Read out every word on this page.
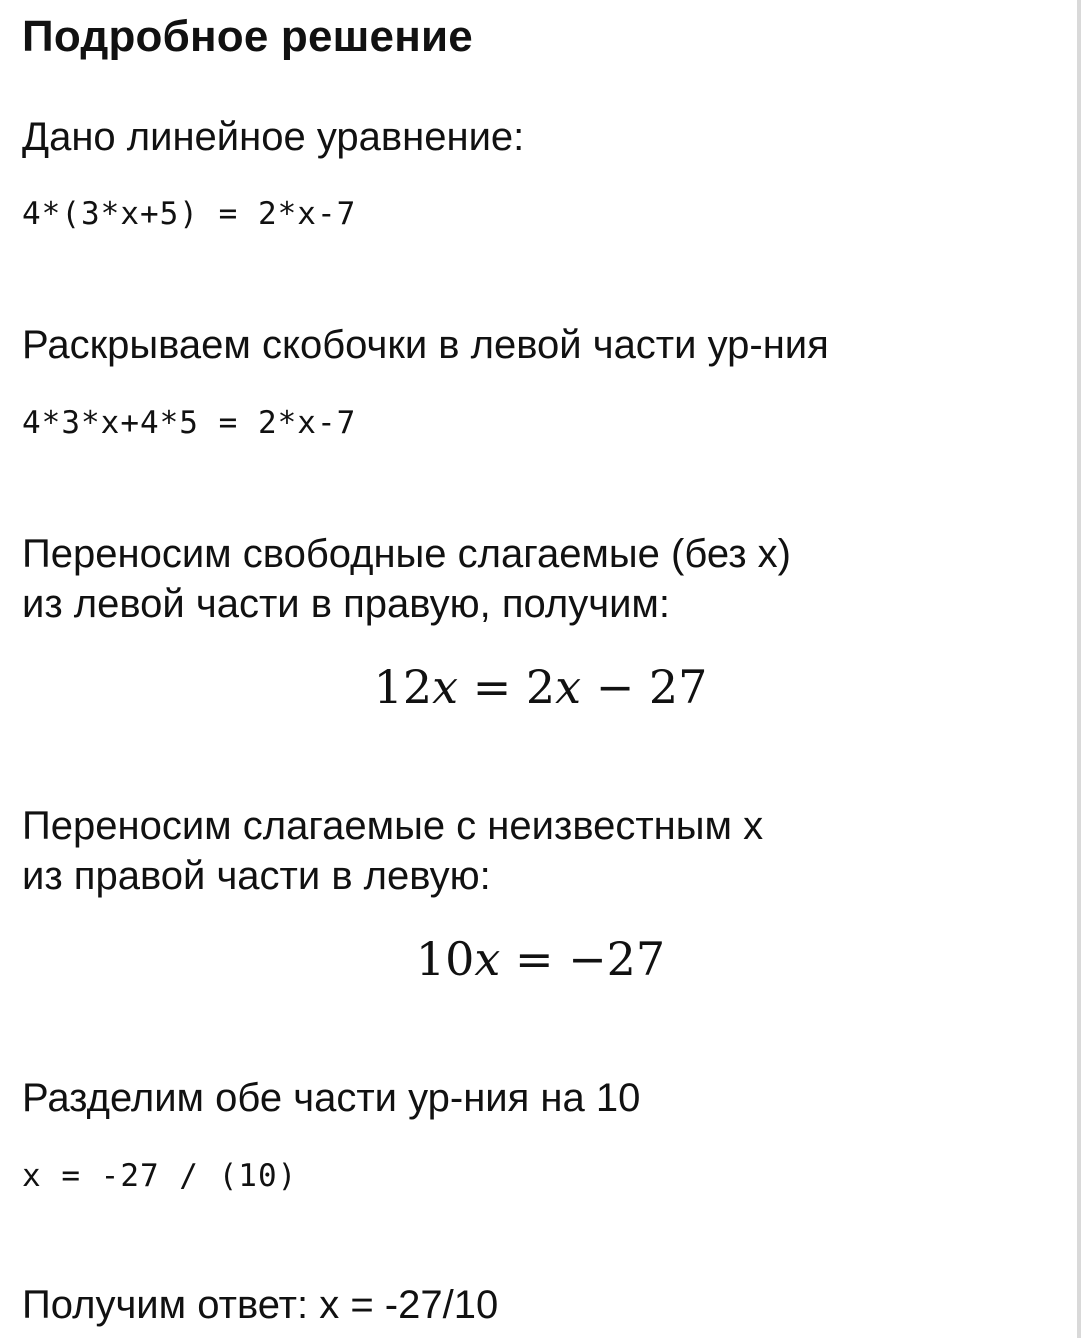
Подробное решение
Дано линейное уравнение:
4*(3*x+5) = 2*x-7
Раскрываем скобочки в левой части ур-ния
4*3*x+4*5 = 2*x-7
Переносим свободные слагаемые (без x)
из левой части в правую, получим:
12x = 2x − 27
Переносим слагаемые с неизвестным x
из правой части в левую:
10x = −27
Разделим обе части ур-ния на 10
x = -27 / (10)
Получим ответ: x = -27/10
